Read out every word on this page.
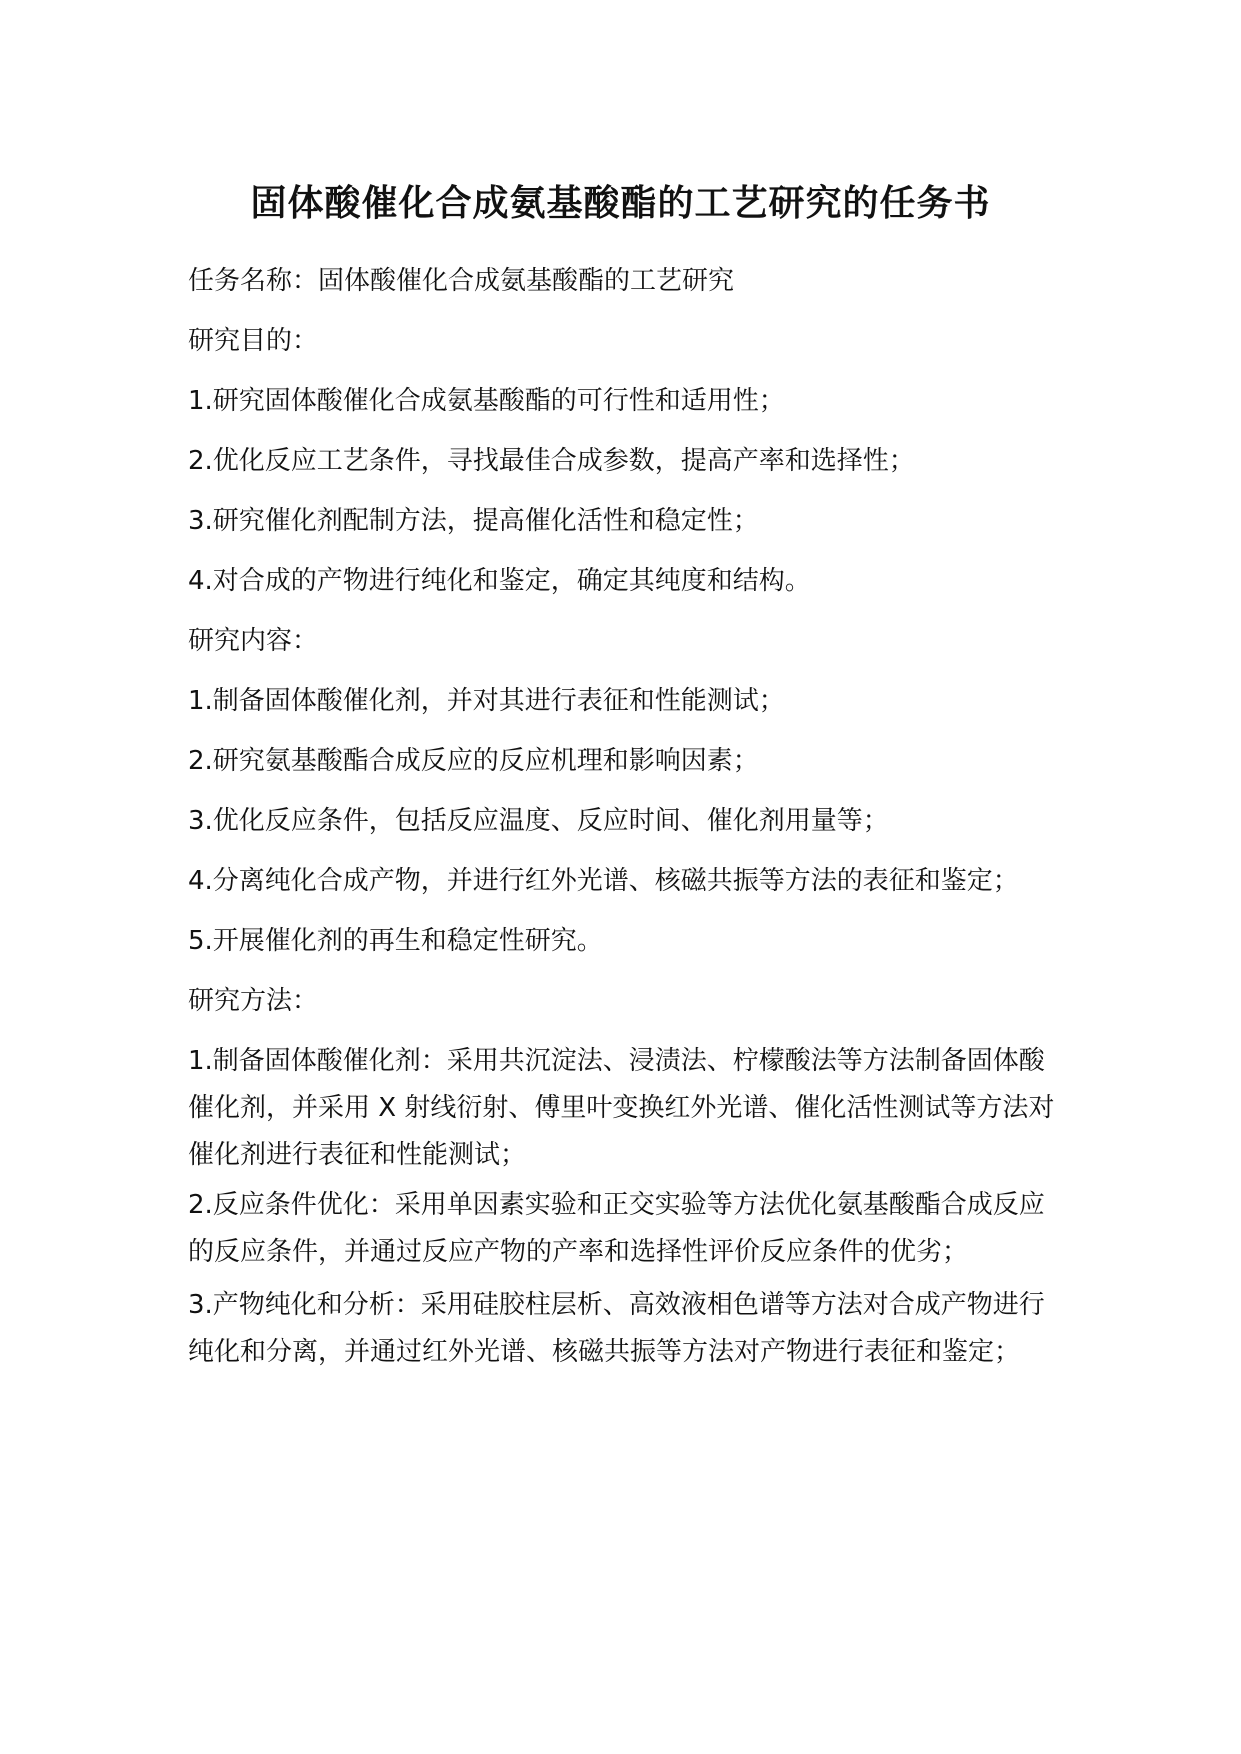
固体酸催化合成氨基酸酯的工艺研究的任务书

任务名称：固体酸催化合成氨基酸酯的工艺研究

研究目的：

1.研究固体酸催化合成氨基酸酯的可行性和适用性；

2.优化反应工艺条件，寻找最佳合成参数，提高产率和选择性；

3.研究催化剂配制方法，提高催化活性和稳定性；

4.对合成的产物进行纯化和鉴定，确定其纯度和结构。

研究内容：

1.制备固体酸催化剂，并对其进行表征和性能测试；

2.研究氨基酸酯合成反应的反应机理和影响因素；

3.优化反应条件，包括反应温度、反应时间、催化剂用量等；

4.分离纯化合成产物，并进行红外光谱、核磁共振等方法的表征和鉴定；

5.开展催化剂的再生和稳定性研究。

研究方法：

1.制备固体酸催化剂：采用共沉淀法、浸渍法、柠檬酸法等方法制备固体酸催化剂，并采用 X 射线衍射、傅里叶变换红外光谱、催化活性测试等方法对催化剂进行表征和性能测试；

2.反应条件优化：采用单因素实验和正交实验等方法优化氨基酸酯合成反应的反应条件，并通过反应产物的产率和选择性评价反应条件的优劣；

3.产物纯化和分析：采用硅胶柱层析、高效液相色谱等方法对合成产物进行纯化和分离，并通过红外光谱、核磁共振等方法对产物进行表征和鉴定；
